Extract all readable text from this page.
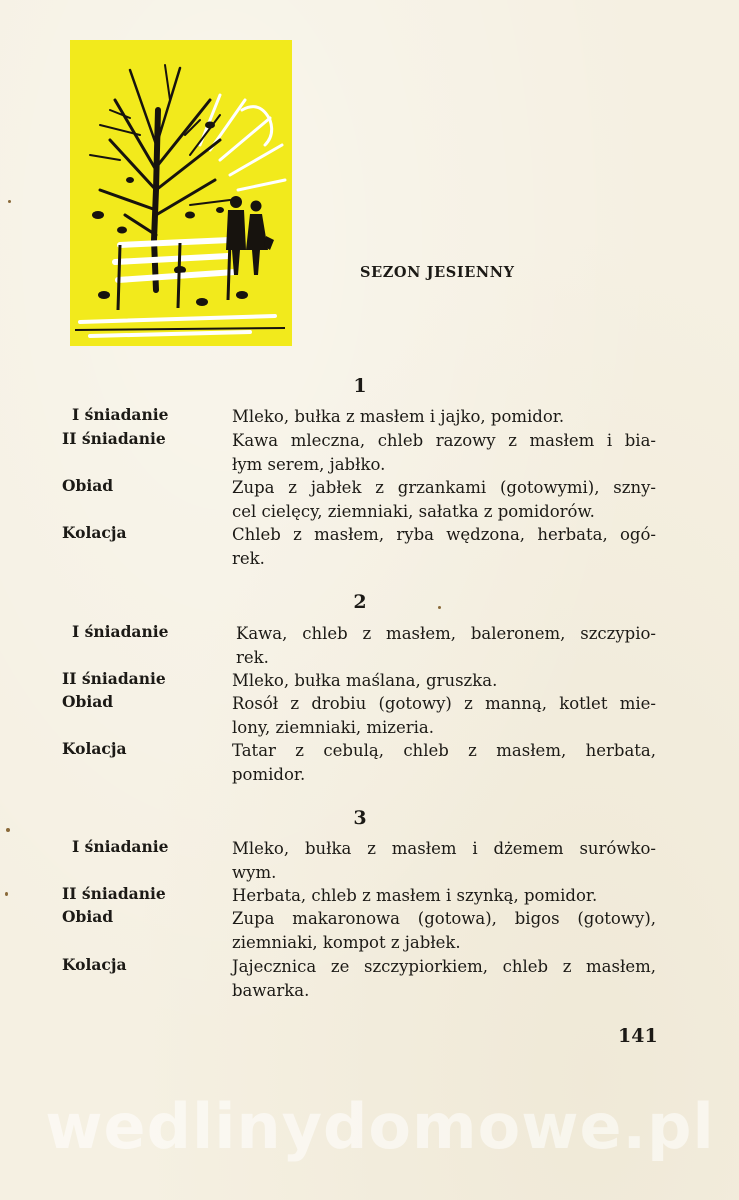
SEZON JESIENNY
1
I śniadanie	Mleko, bułka z masłem i jajko, pomidor.
II śniadanie	Kawa mleczna, chleb razowy z masłem i bia-
łym serem, jabłko.
Obiad	Zupa z jabłek z grzankami (gotowymi), szny-
cel cielęcy, ziemniaki, sałatka z pomidorów.
Kolacja	Chleb z masłem, ryba wędzona, herbata, ogó-
rek.
2
I śniadanie	Kawa, chleb z masłem, baleronem, szczypio-
rek.
II śniadanie	Mleko, bułka maślana, gruszka.
Obiad	Rosół z drobiu (gotowy) z manną, kotlet mie-
lony, ziemniaki, mizeria.
Kolacja	Tatar z cebulą, chleb z masłem, herbata,
pomidor.
3
I śniadanie	Mleko, bułka z masłem i dżemem surówko-
wym.
II śniadanie	Herbata, chleb z masłem i szynką, pomidor.
Obiad	Zupa makaronowa (gotowa), bigos (gotowy),
ziemniaki, kompot z jabłek.
Kolacja	Jajecznica ze szczypiorkiem, chleb z masłem,
bawarka.
141
wedlinydomowe.pl
